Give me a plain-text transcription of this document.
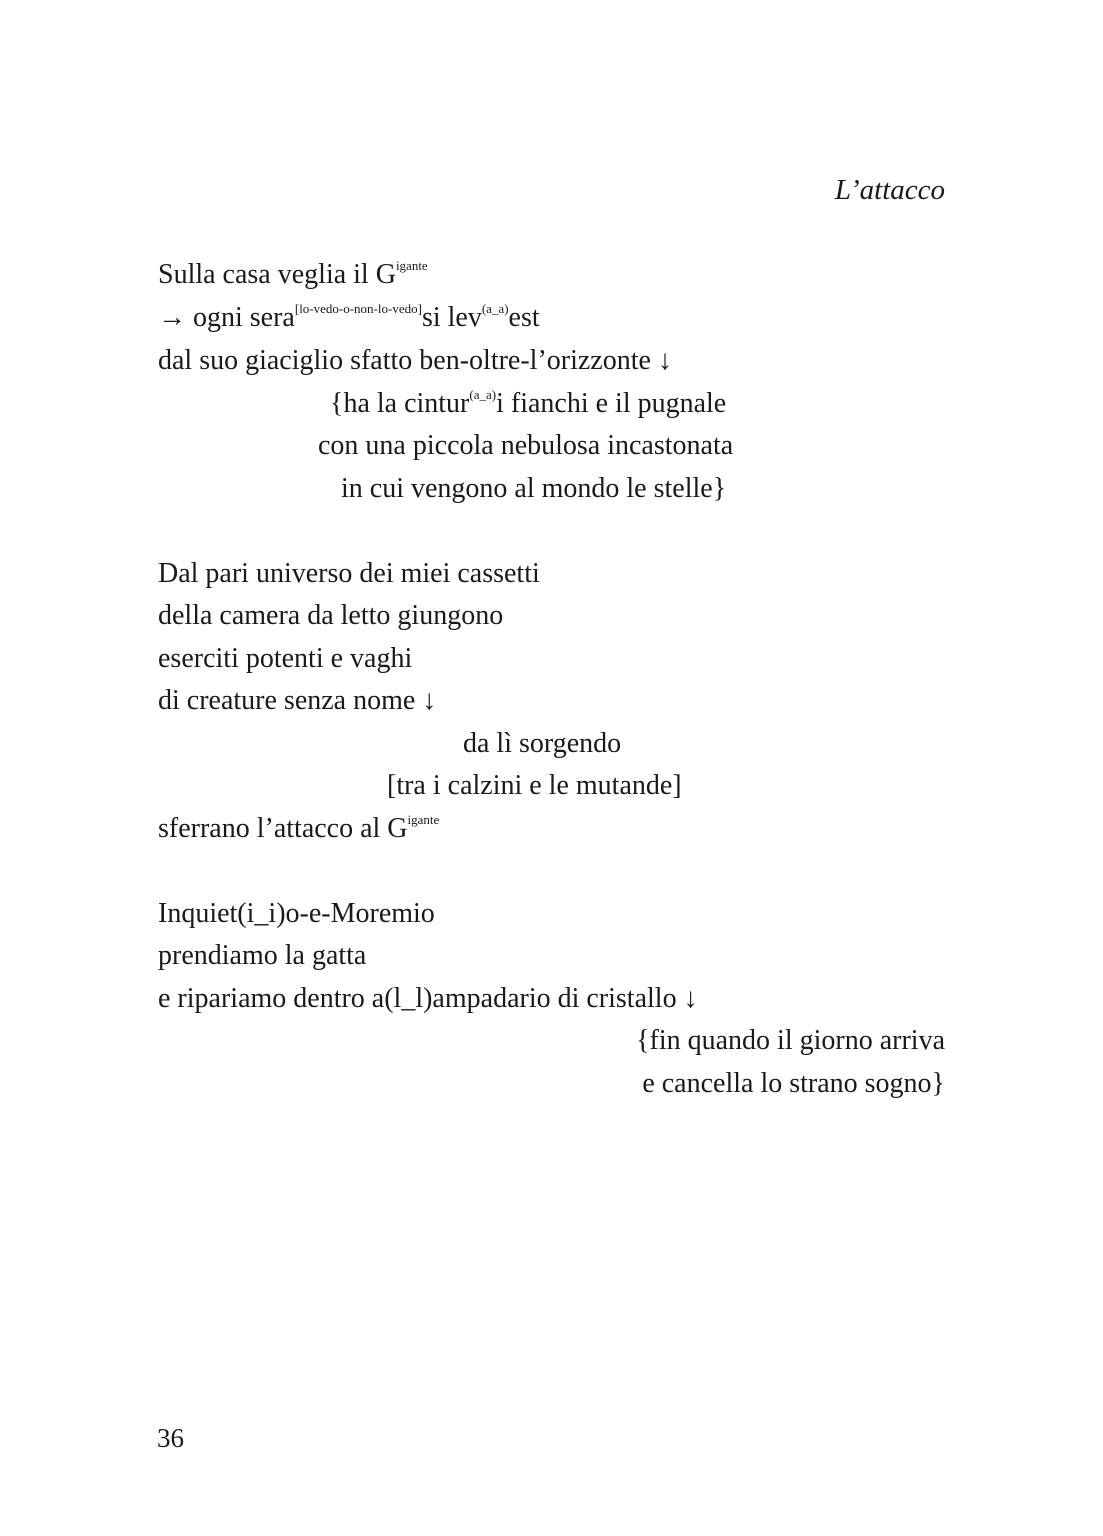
L’attacco
Sulla casa veglia il $G^{igante}$
→ ogni sera[lo-vedo-o-non-lo-vedo]si lev$^{(a\_a)}$est
dal suo giaciglio sfatto ben-oltre-l’orizzonte ↓
{ha la cintur$^{(a\_a)}$i fianchi e il pugnale
con una piccola nebulosa incastonata
in cui vengono al mondo le stelle}
Dal pari universo dei miei cassetti
della camera da letto giungono
eserciti potenti e vaghi
di creature senza nome ↓
da lì sorgendo
[tra i calzini e le mutande]
sferrano l’attacco al $G^{igante}$
Inquiet(i_i)o-e-Moremio
prendiamo la gatta
e ripariamo dentro a(l_l)ampadario di cristallo ↓
{fin quando il giorno arriva
e cancella lo strano sogno}
36
